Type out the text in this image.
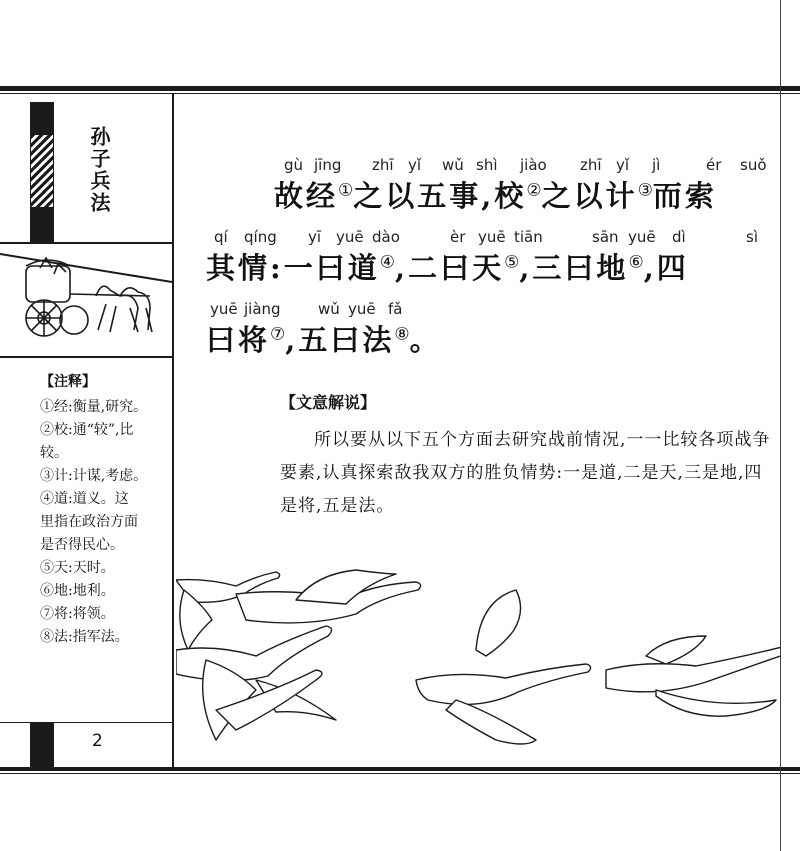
孙子兵法
【注释】
①经:衡量,研究。
②校:通“较”,比
较。
③计:计谋,考虑。
④道:道义。这
里指在政治方面
是否得民心。
⑤天:天时。
⑥地:地利。
⑦将:将领。
⑧法:指军法。
2
gù jīng zhī yǐ wǔ shì jiào zhī yǐ jì	ér suǒ
故经①之以五事,校②之以计③而索
qí qíng yī yuē dào	èr yuē tiān	sān yuē dì	sì
其情:一曰道④,二曰天⑤,三曰地⑥,四
yuē jiàng wǔ yuē fǎ
曰将⑦,五曰法⑧。
【文意解说】
所以要从以下五个方面去研究战前情况,一一比较各项战争要素,认真探索敌我双方的胜负情势:一是道,二是天,三是地,四是将,五是法。
